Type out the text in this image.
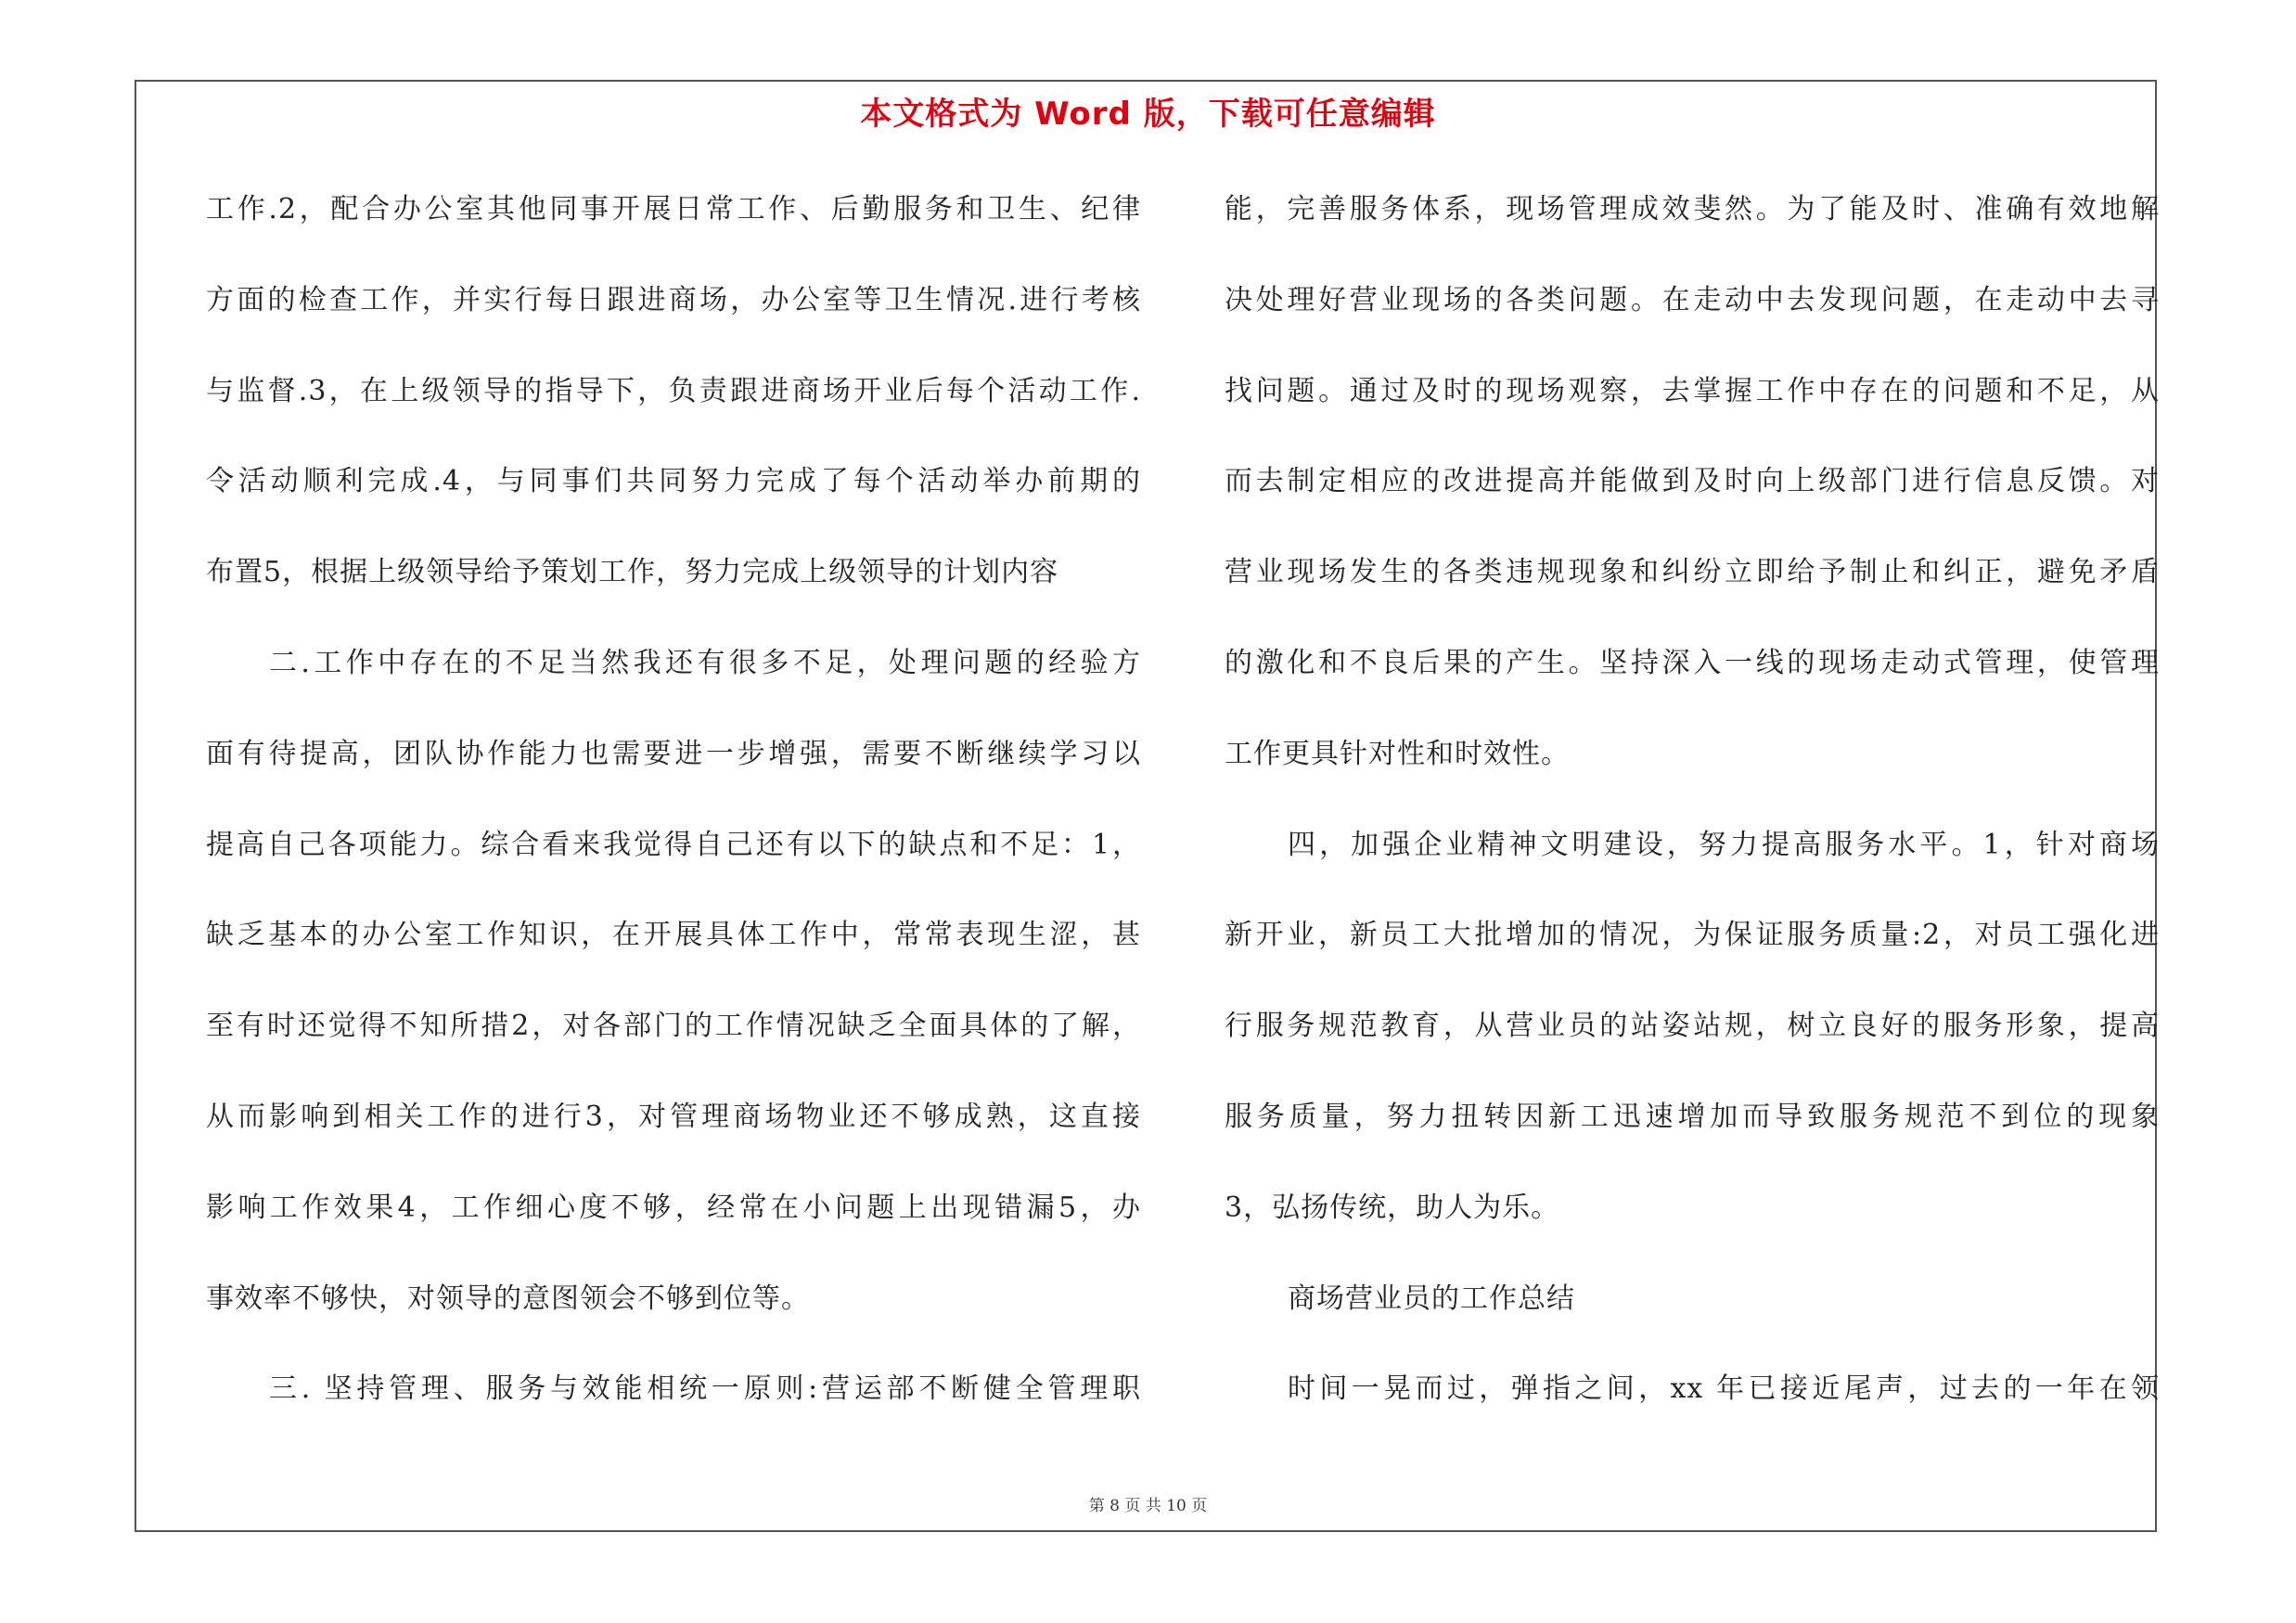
本文格式为 Word 版，下载可任意编辑
工作.2，配合办公室其他同事开展日常工作、后勤服务和卫生、纪律
方面的检查工作，并实行每日跟进商场，办公室等卫生情况.进行考核
与监督.3，在上级领导的指导下，负责跟进商场开业后每个活动工作.
令活动顺利完成.4，与同事们共同努力完成了每个活动举办前期的
布置5，根据上级领导给予策划工作，努力完成上级领导的计划内容
二.工作中存在的不足当然我还有很多不足，处理问题的经验方
面有待提高，团队协作能力也需要进一步增强，需要不断继续学习以
提高自己各项能力。综合看来我觉得自己还有以下的缺点和不足：1，
缺乏基本的办公室工作知识，在开展具体工作中，常常表现生涩，甚
至有时还觉得不知所措2，对各部门的工作情况缺乏全面具体的了解，
从而影响到相关工作的进行3，对管理商场物业还不够成熟，这直接
影响工作效果4，工作细心度不够，经常在小问题上出现错漏5，办
事效率不够快，对领导的意图领会不够到位等。
三. 坚持管理、服务与效能相统一原则:营运部不断健全管理职
能，完善服务体系，现场管理成效斐然。为了能及时、准确有效地解
决处理好营业现场的各类问题。在走动中去发现问题，在走动中去寻
找问题。通过及时的现场观察，去掌握工作中存在的问题和不足，从
而去制定相应的改进提高并能做到及时向上级部门进行信息反馈。对
营业现场发生的各类违规现象和纠纷立即给予制止和纠正，避免矛盾
的激化和不良后果的产生。坚持深入一线的现场走动式管理，使管理
工作更具针对性和时效性。
四，加强企业精神文明建设，努力提高服务水平。1，针对商场
新开业，新员工大批增加的情况，为保证服务质量:2，对员工强化进
行服务规范教育，从营业员的站姿站规，树立良好的服务形象，提高
服务质量，努力扭转因新工迅速增加而导致服务规范不到位的现象
3，弘扬传统，助人为乐。
商场营业员的工作总结
时间一晃而过，弹指之间，xx 年已接近尾声，过去的一年在领
第 8 页 共 10 页
